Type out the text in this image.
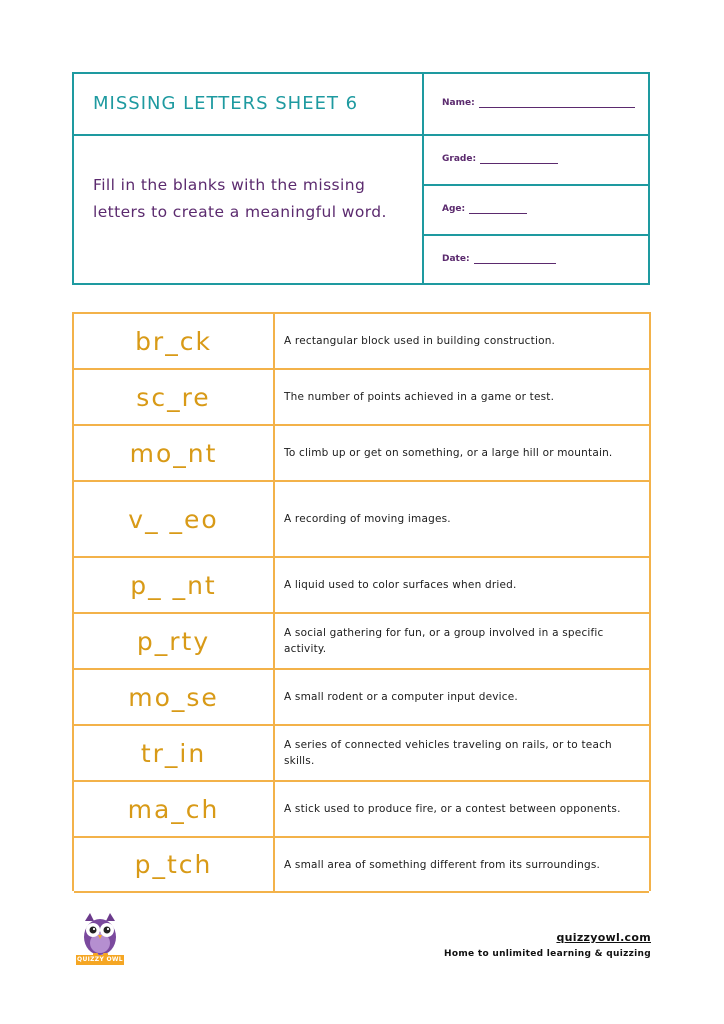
MISSING LETTERS SHEET 6
Fill in the blanks with the missing letters to create a meaningful word.
Name:
Grade:
Age:
Date:
br_ck	A rectangular block used in building construction.
sc_re	The number of points achieved in a game or test.
mo_nt	To climb up or get on something, or a large hill or mountain.
v_ _eo	A recording of moving images.
p_ _nt	A liquid used to color surfaces when dried.
p_rty	A social gathering for fun, or a group involved in a specific activity.
mo_se	A small rodent or a computer input device.
tr_in	A series of connected vehicles traveling on rails, or to teach skills.
ma_ch	A stick used to produce fire, or a contest between opponents.
p_tch	A small area of something different from its surroundings.
QUIZZY OWL
quizzyowl.com
Home to unlimited learning & quizzing
